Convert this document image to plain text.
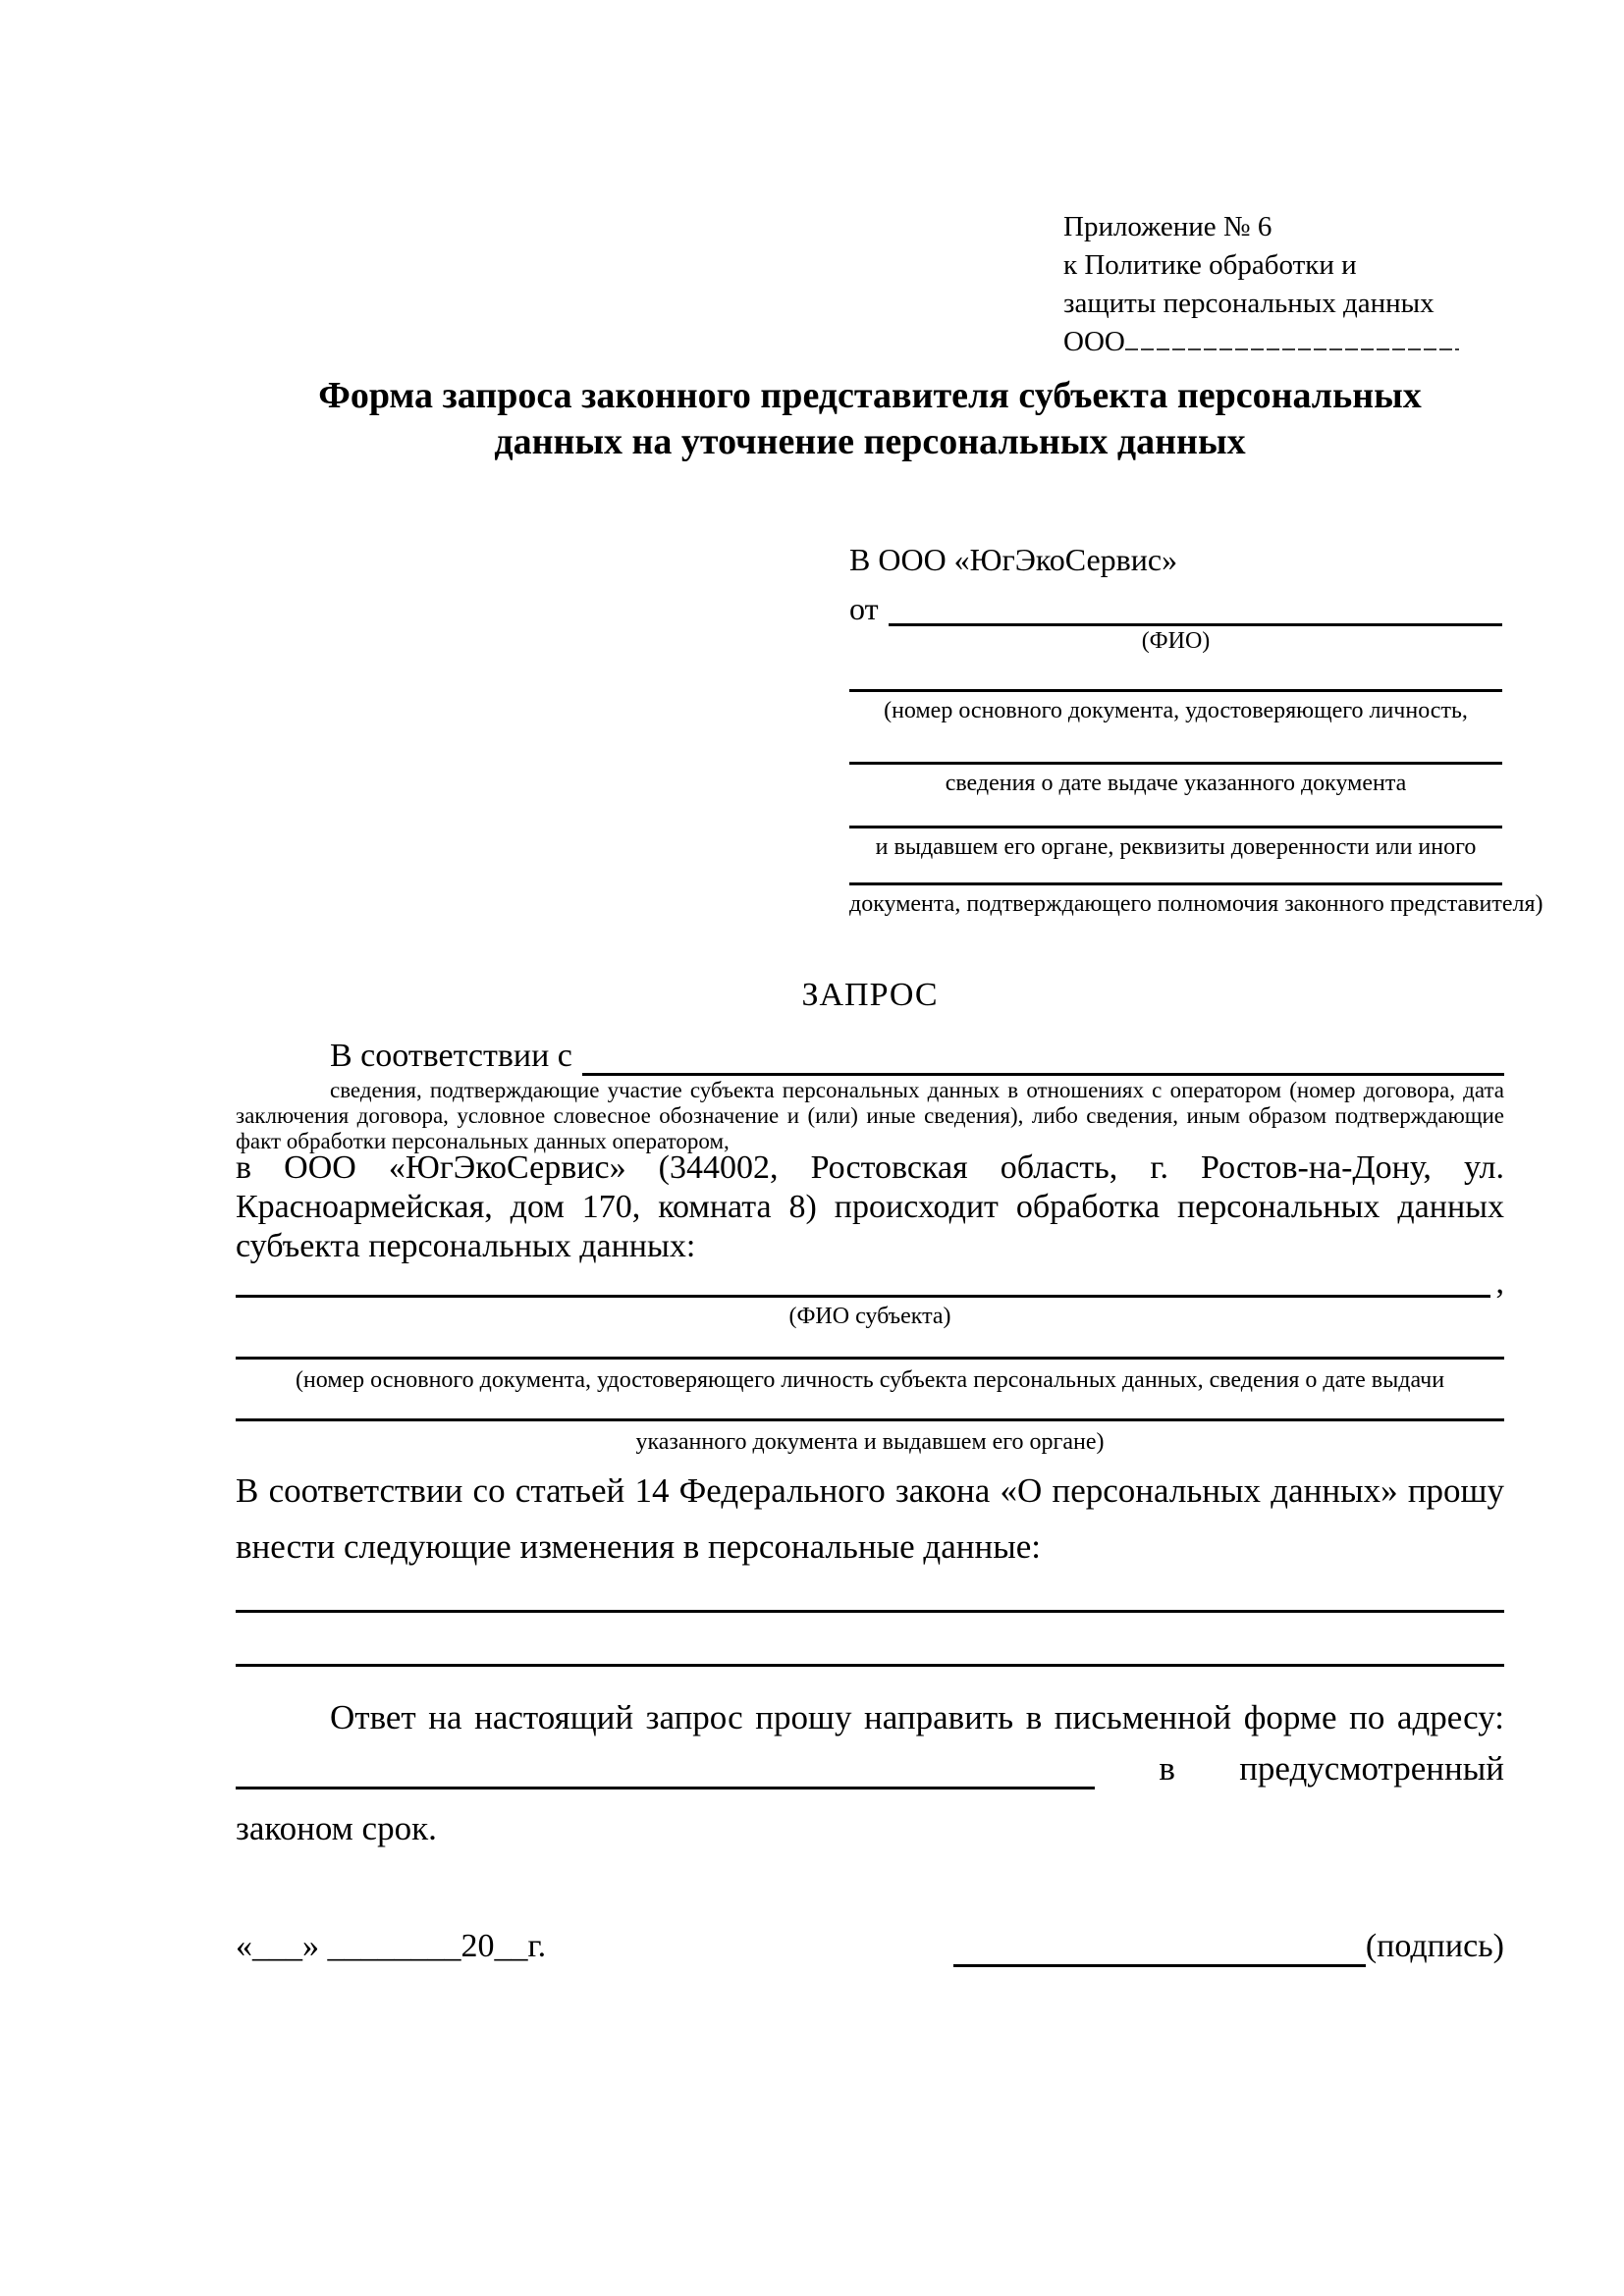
Приложение № 6
к Политике обработки и
защиты персональных данных
ООО
Форма запроса законного представителя субъекта персональных
данных на уточнение персональных данных
В ООО «ЮгЭкоСервис»
от
(ФИО)
(номер основного документа, удостоверяющего личность,
сведения о дате выдаче указанного документа
и выдавшем его органе, реквизиты доверенности или иного
документа, подтверждающего полномочия законного представителя)
ЗАПРОС
В соответствии с
сведения, подтверждающие участие субъекта персональных данных в отношениях с оператором (номер договора, дата заключения договора, условное словесное обозначение и (или) иные сведения), либо сведения, иным образом подтверждающие факт обработки персональных данных оператором,
в ООО «ЮгЭкоСервис» (344002, Ростовская область, г. Ростов-на-Дону, ул. Красноармейская, дом 170, комната 8) происходит обработка персональных данных субъекта персональных данных:
,
(ФИО субъекта)
(номер основного документа, удостоверяющего личность субъекта персональных данных, сведения о дате выдачи
указанного документа и выдавшем его органе)
В соответствии со статьей 14 Федерального закона «О персональных данных» прошу внести следующие изменения в персональные данные:
Ответ на настоящий запрос прошу направить в письменной форме по адресу:
в предусмотренный
законом срок.
«___» ________20__г.	(подпись)
